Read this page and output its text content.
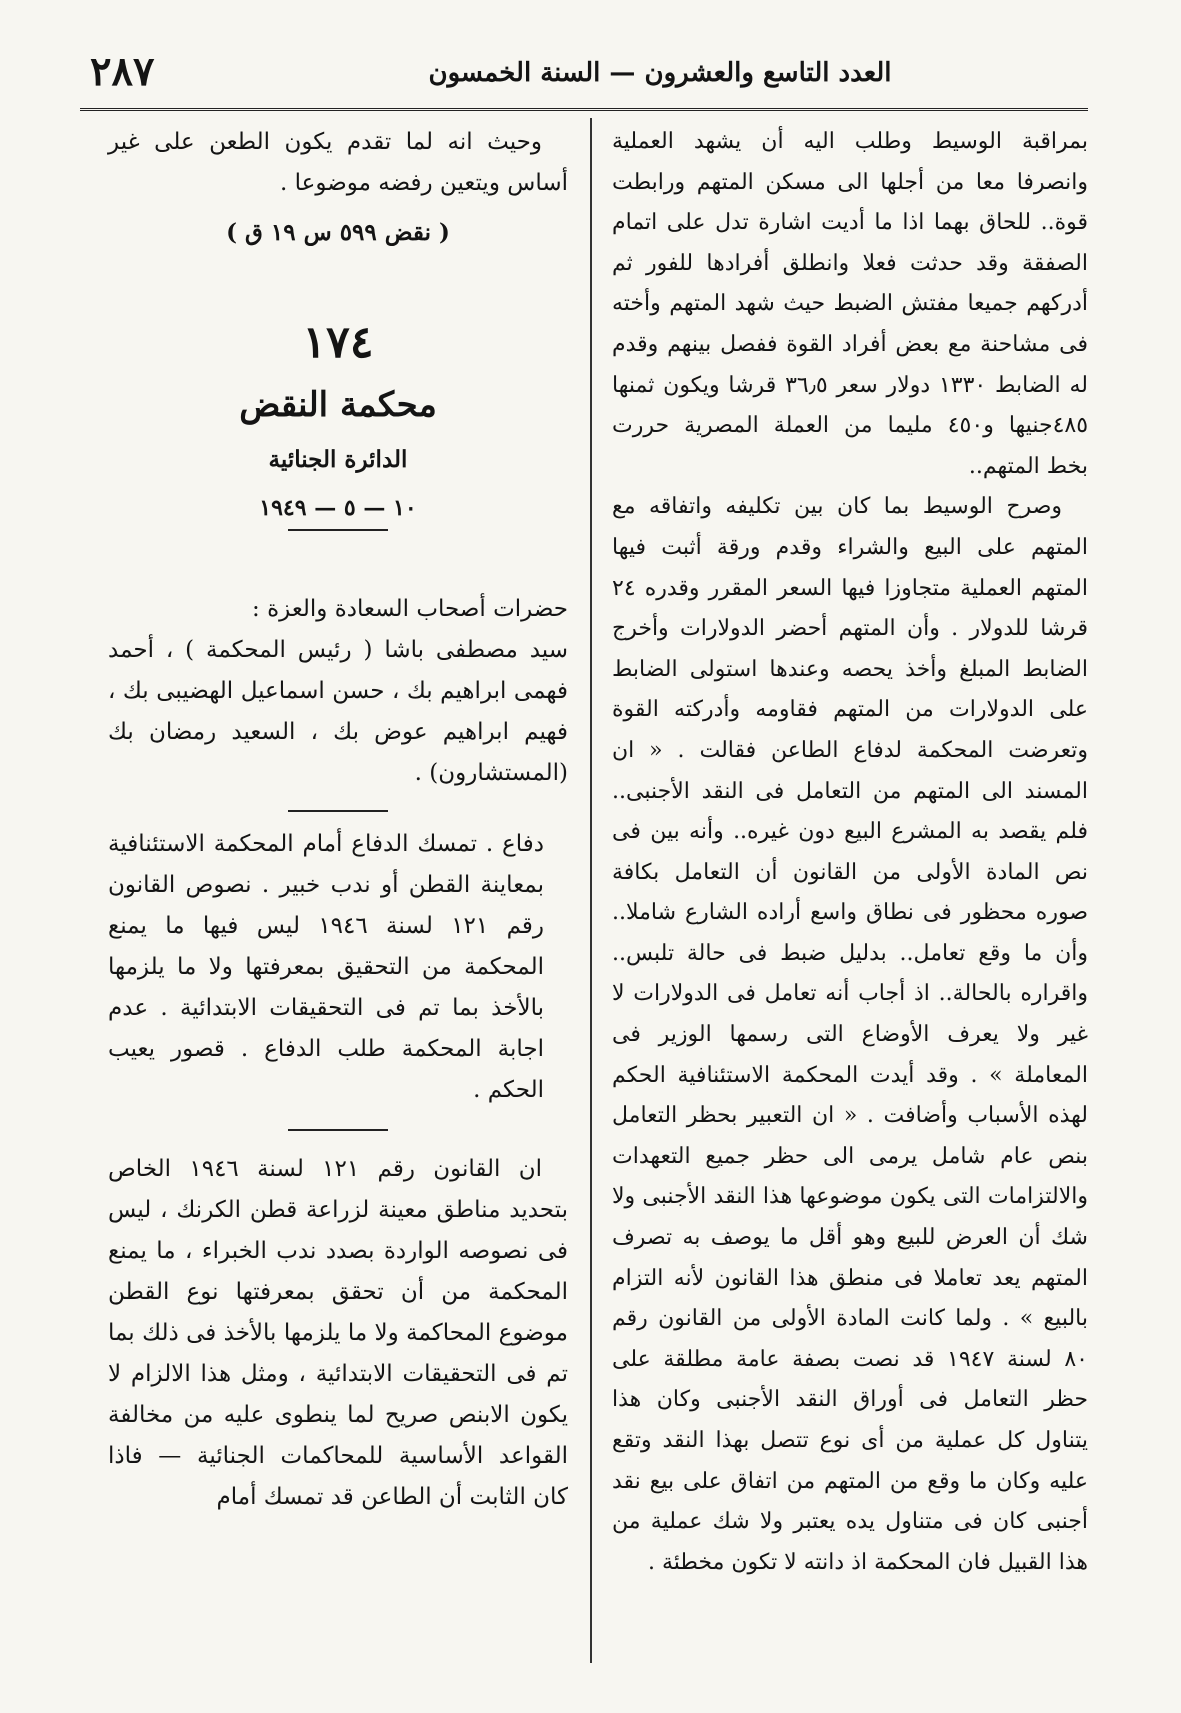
٢٨٧	العدد التاسع والعشرون — السنة الخمسون

بمراقبة الوسيط وطلب اليه أن يشهد العملية وانصرفا معا من أجلها الى مسكن المتهم ورابطت قوة.. للحاق بهما اذا ما أديت اشارة تدل على اتمام الصفقة وقد حدثت فعلا وانطلق أفرادها للفور ثم أدركهم جميعا مفتش الضبط حيث شهد المتهم وأخته فى مشاحنة مع بعض أفراد القوة ففصل بينهم وقدم له الضابط ١٣٣٠ دولار سعر ٣٦٫٥ قرشا ويكون ثمنها ٤٨٥جنيها و٤٥٠ مليما من العملة المصرية حررت بخط المتهم..

وصرح الوسيط بما كان بين تكليفه واتفاقه مع المتهم على البيع والشراء وقدم ورقة أثبت فيها المتهم العملية متجاوزا فيها السعر المقرر وقدره ٢٤ قرشا للدولار . وأن المتهم أحضر الدولارات وأخرج الضابط المبلغ وأخذ يحصه وعندها استولى الضابط على الدولارات من المتهم فقاومه وأدركته القوة وتعرضت المحكمة لدفاع الطاعن فقالت . « ان المسند الى المتهم من التعامل فى النقد الأجنبى.. فلم يقصد به المشرع البيع دون غيره.. وأنه بين فى نص المادة الأولى من القانون أن التعامل بكافة صوره محظور فى نطاق واسع أراده الشارع شاملا.. وأن ما وقع تعامل.. بدليل ضبط فى حالة تلبس.. واقراره بالحالة.. اذ أجاب أنه تعامل فى الدولارات لا غير ولا يعرف الأوضاع التى رسمها الوزير فى المعاملة » . وقد أيدت المحكمة الاستئنافية الحكم لهذه الأسباب وأضافت . « ان التعبير بحظر التعامل بنص عام شامل يرمى الى حظر جميع التعهدات والالتزامات التى يكون موضوعها هذا النقد الأجنبى ولا شك أن العرض للبيع وهو أقل ما يوصف به تصرف المتهم يعد تعاملا فى منطق هذا القانون لأنه التزام بالبيع » . ولما كانت المادة الأولى من القانون رقم ٨٠ لسنة ١٩٤٧ قد نصت بصفة عامة مطلقة على حظر التعامل فى أوراق النقد الأجنبى وكان هذا يتناول كل عملية من أى نوع تتصل بهذا النقد وتقع عليه وكان ما وقع من المتهم من اتفاق على بيع نقد أجنبى كان فى متناول يده يعتبر ولا شك عملية من هذا القبيل فان المحكمة اذ دانته لا تكون مخطئة .

وحيث انه لما تقدم يكون الطعن على غير أساس ويتعين رفضه موضوعا .

( نقض ٥٩٩ س ١٩ ق )

١٧٤

محكمة النقض

الدائرة الجنائية

١٠ — ٥ — ١٩٤٩

حضرات أصحاب السعادة والعزة :

سيد مصطفى باشا ( رئيس المحكمة ) ، أحمد فهمى ابراهيم بك ، حسن اسماعيل الهضيبى بك ، فهيم ابراهيم عوض بك ، السعيد رمضان بك (المستشارون) .

دفاع . تمسك الدفاع أمام المحكمة الاستئنافية بمعاينة القطن أو ندب خبير . نصوص القانون رقم ١٢١ لسنة ١٩٤٦ ليس فيها ما يمنع المحكمة من التحقيق بمعرفتها ولا ما يلزمها بالأخذ بما تم فى التحقيقات الابتدائية . عدم اجابة المحكمة طلب الدفاع . قصور يعيب الحكم .

ان القانون رقم ١٢١ لسنة ١٩٤٦ الخاص بتحديد مناطق معينة لزراعة قطن الكرنك ، ليس فى نصوصه الواردة بصدد ندب الخبراء ، ما يمنع المحكمة من أن تحقق بمعرفتها نوع القطن موضوع المحاكمة ولا ما يلزمها بالأخذ فى ذلك بما تم فى التحقيقات الابتدائية ، ومثل هذا الالزام لا يكون الابنص صريح لما ينطوى عليه من مخالفة القواعد الأساسية للمحاكمات الجنائية — فاذا كان الثابت أن الطاعن قد تمسك أمام
